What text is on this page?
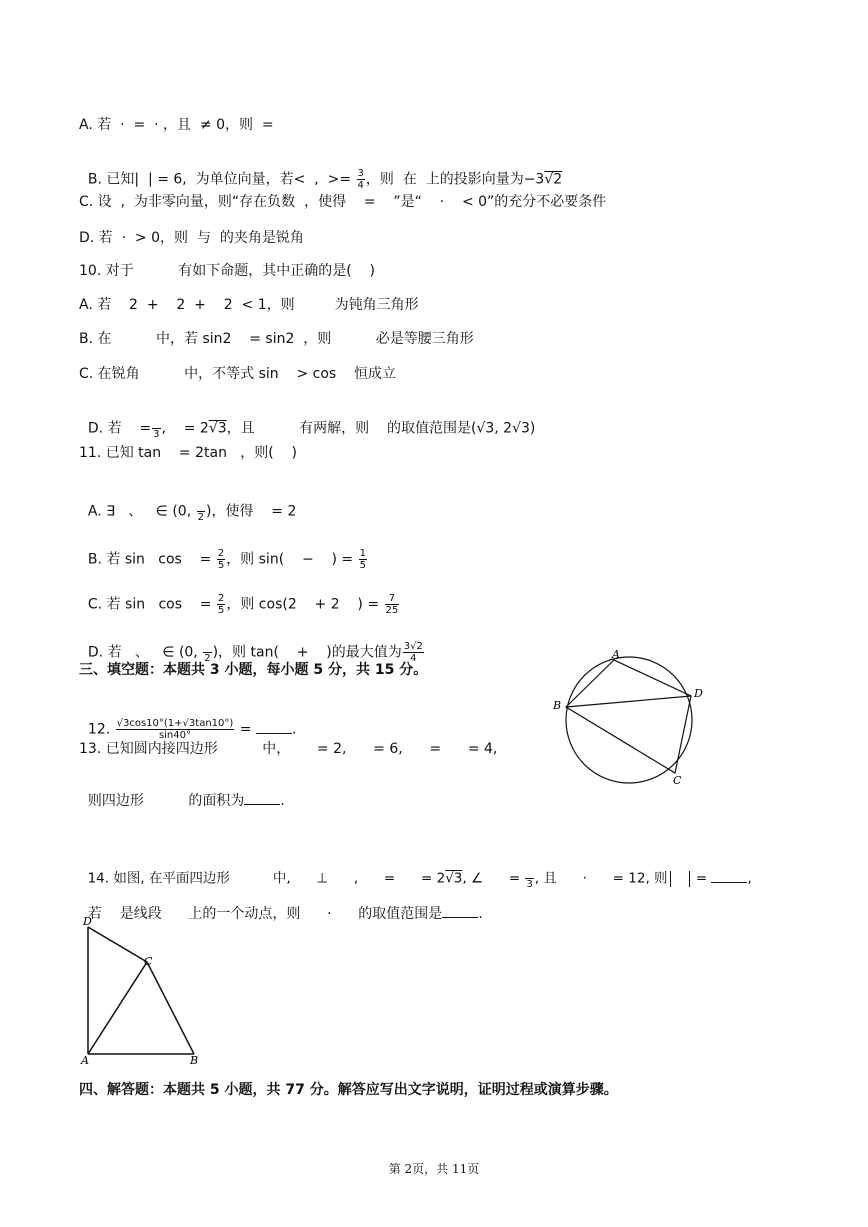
A. 若  ·  =  · ，且  ≠ 0，则  =

B. 已知|  | = 6,  为单位向量，若<  ,  >= $\frac{3}{4}$ ，则  在  上的投影向量为−3√2

C. 设  ,  为非零向量，则“存在负数  ，使得    =    ”是“    ·    < 0”的充分不必要条件
D. 若  ·  > 0，则  与  的夹角是锐角
10. 对于          有如下命题，其中正确的是(    )
A. 若    2  +    2  +    2  < 1，则         为钝角三角形
B. 在          中，若 sin2    = sin2  ，则          必是等腰三角形
C. 在锐角          中，不等式 sin    > cos    恒成立

D. 若    =
3 ,    = 2√3，且          有两解，则    的取值范围是(√3, 2√3)

11. 已知 tan    = 2tan   ，则(    )

A. ∃   、   ∈ (0,
2 )，使得    = 2

B. 若 sin   cos    = $\frac{2}{5}$ ，则 sin(    −    ) = $\frac{1}{5}$

C. 若 sin   cos    = $\frac{2}{5}$ ，则 cos(2    + 2    ) = $\frac{7}{25}$

D. 若   、   ∈ (0,
2 )，则 tan(    +    )的最大值为 $\frac{3√2}{4}$

三、填空题：本题共 3 小题，每小题 5 分，共 15 分。

12. $\frac{√3\cos 10^\circ(1+√3\tan 10^\circ)}{\sin 40^\circ}$ =	.

13. 已知圆内接四边形          中，      = 2,      = 6,      =      = 4,

则四边形          的面积为	.

A
B
C
D

14. 如图, 在平面四边形          中,      ⊥      ,      =      = 2√3, ∠      =
3 , 且      ·      = 12, 则 =	,

若    是线段      上的一个动点，则      ·      的取值范围是	.

D
C
A	B
四、解答题：本题共 5 小题，共 77 分。解答应写出文字说明，证明过程或演算步骤。
第 2页，共 11页
